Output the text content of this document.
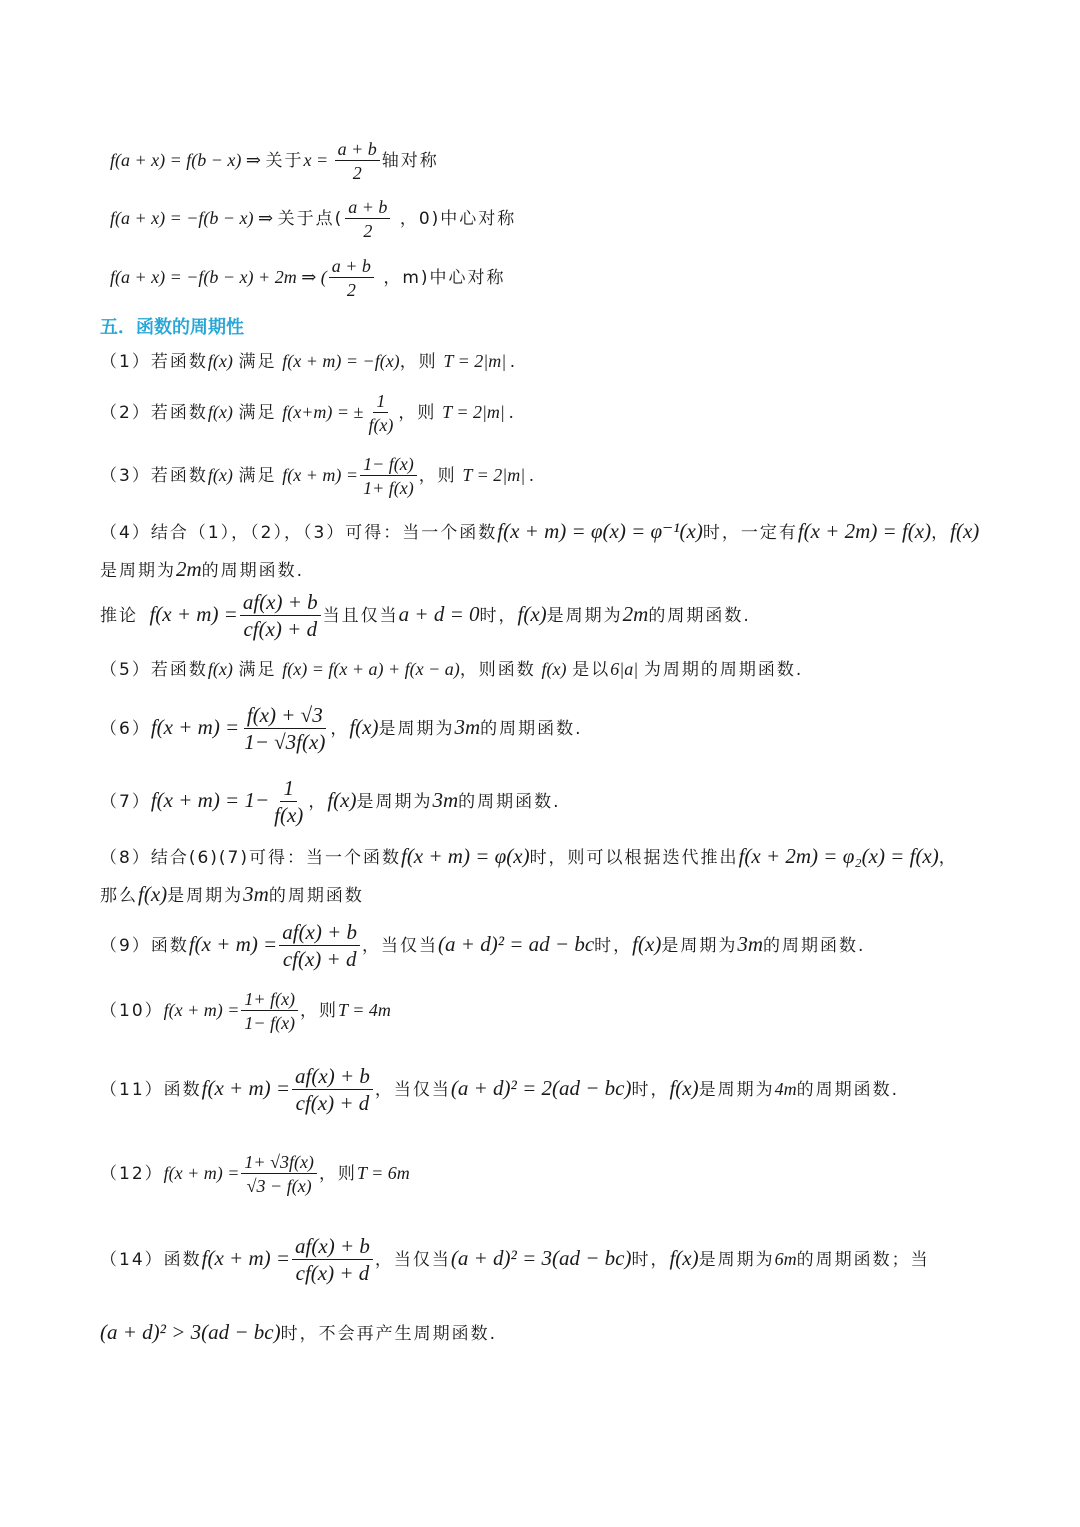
f(a + x) = f(b − x) ⇒ 关于$x = \frac{a + b}{2}$ 轴对称
f(a + x) = −f(b − x) ⇒ 关于点( $\frac{a + b}{2}$ ，0)中心对称
f(a + x) = −f(b − x) + 2m ⇒ ( $\frac{a + b}{2}$ ，m)中心对称
五．函数的周期性
（1）若函数f(x) 满足 f(x + m) = −f(x)，则 T = 2|m| .
（2）若函数f(x) 满足 f(x+m) = ± $\frac{1}{f(x)}$ ，则 T = 2|m| .
（3）若函数f(x) 满足 $f(x + m) = \frac{1- f(x)}{1+ f(x)}$ ，则 T = 2|m| .
（4）结合（1），（2），（3）可得：当一个函数f(x + m) = φ(x) = φ⁻¹(x)时，一定有f(x + 2m) = f(x)，f(x)
是周期为2m的周期函数.
推论 $f(x + m) = \frac{af(x) + b}{cf(x) + d}$ 当且仅当a + d = 0时，f(x)是周期为2m的周期函数.
（5）若函数f(x) 满足 f(x) = f(x + a) + f(x − a)，则函数 f(x) 是以6|a| 为周期的周期函数.
$(6)f(x + m) = \frac{f(x) + √3}{1- √3f(x)}$ ，f(x)是周期为3m的周期函数.
$(7)f(x + m) = 1- \frac{1}{f(x)}$ ，f(x)是周期为3m的周期函数.
（8）结合(6)(7)可得：当一个函数f(x + m) = φ(x)时，则可以根据迭代推出f(x + 2m) = φ₂(x) = f(x)，
那么f(x)是周期为3m的周期函数
（9）函数$f(x + m) = \frac{af(x) + b}{cf(x) + d}$ ，当仅当(a + d)² = ad − bc时，f(x)是周期为3m的周期函数.
$(10)f(x + m) = \frac{1+ f(x)}{1- f(x)}$ ，则T = 4m
（11）函数$f(x + m) = \frac{af(x) + b}{cf(x) + d}$ ，当仅当(a + d)² = 2(ad − bc)时，f(x)是周期为4m的周期函数.
$(12)f(x + m) = \frac{1+ √3f(x)}{√3 - f(x)}$ ，则T = 6m
（14）函数$f(x + m) = \frac{af(x) + b}{cf(x) + d}$ ，当仅当(a + d)² = 3(ad − bc)时，f(x)是周期为6m的周期函数；当
(a + d)² > 3(ad − bc)时，不会再产生周期函数.
